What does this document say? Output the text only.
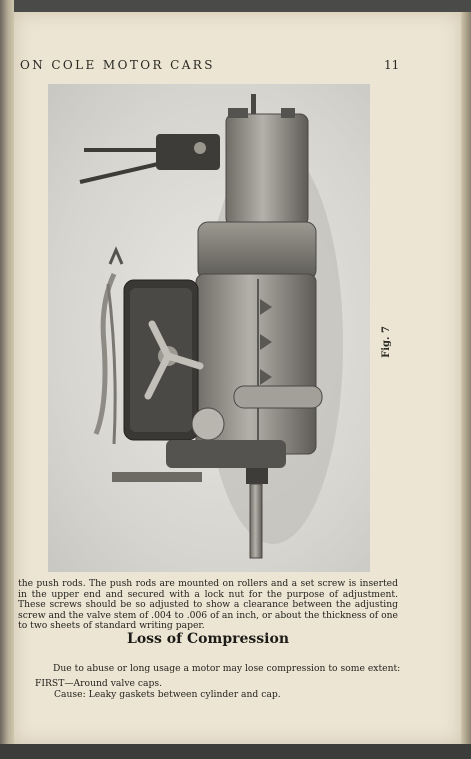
ON COLE MOTOR CARS	11
Fig. 7

the push rods. The push rods are mounted on rollers and a set screw is inserted in the upper end and secured with a lock nut for the purpose of adjustment. These screws should be so adjusted to show a clearance between the adjusting screw and the valve stem of .004 to .006 of an inch, or about the thickness of one to two sheets of standard writing paper.

Loss of Compression

Due to abuse or long usage a motor may lose compression to some extent:

FIRST—Around valve caps.

Cause: Leaky gaskets between cylinder and cap.
